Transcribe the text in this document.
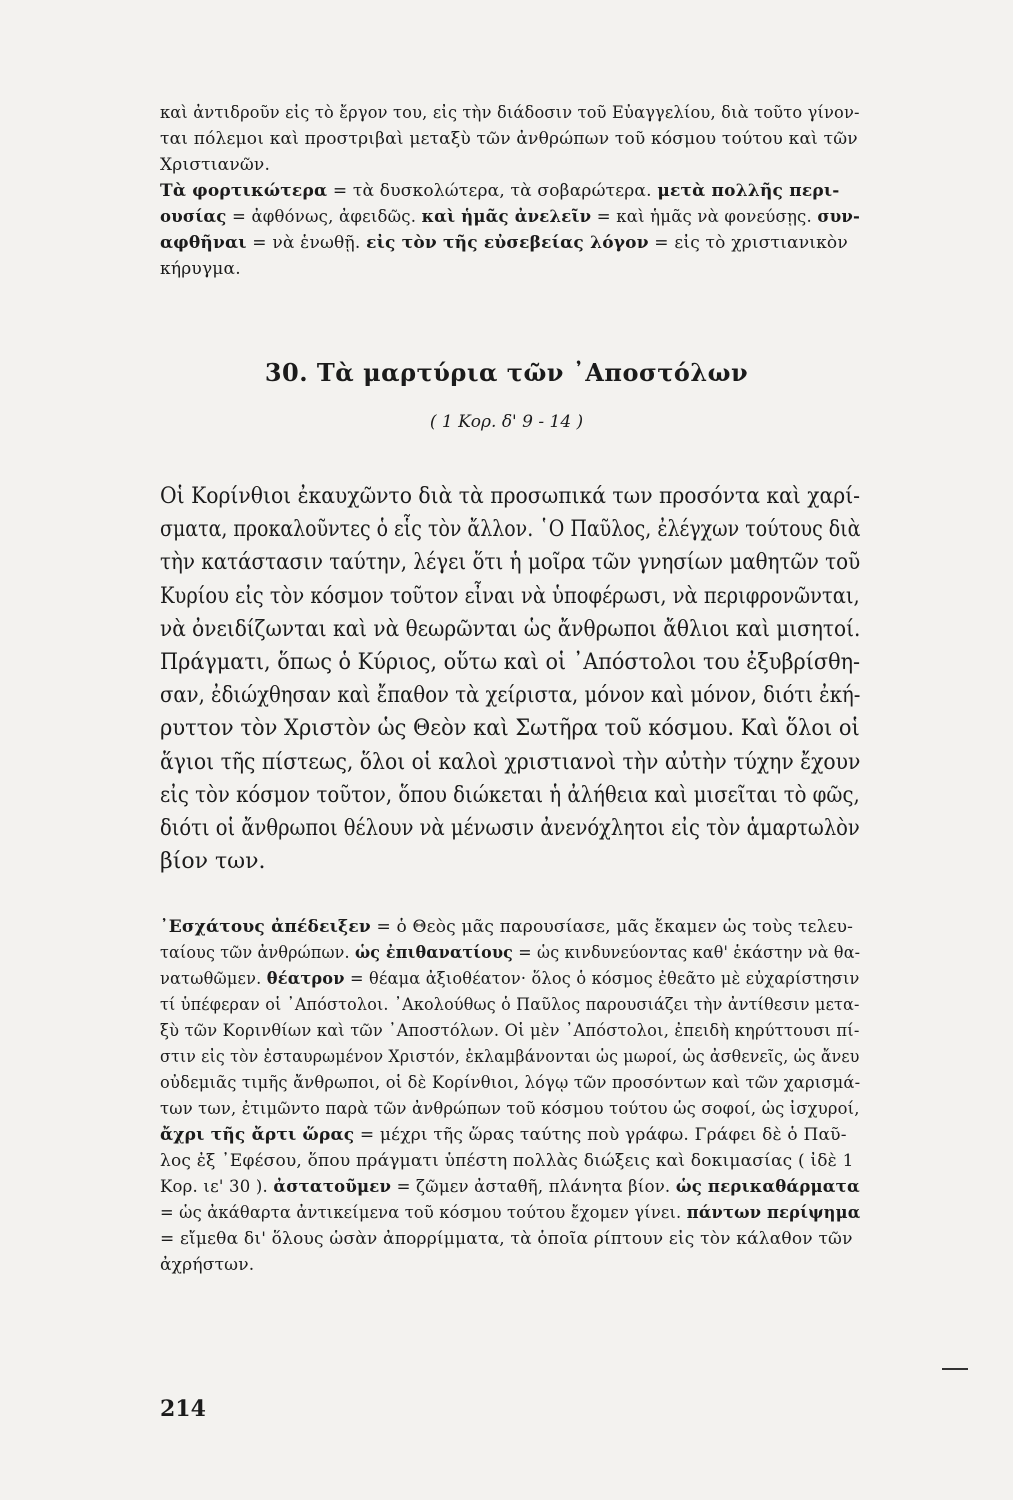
καὶ ἀντιδροῦν εἰς τὸ ἔργον του, εἰς τὴν διάδοσιν τοῦ Εὐαγγελίου, διὰ τοῦτο γίνον-
ται πόλεμοι καὶ προστριβαὶ μεταξὺ τῶν ἀνθρώπων τοῦ κόσμου τούτου καὶ τῶν
Χριστιανῶν.
Τὰ φορτικώτερα = τὰ δυσκολώτερα, τὰ σοβαρώτερα. μετὰ πολλῆς περι-
ουσίας = ἀφθόνως, ἀφειδῶς. καὶ ἡμᾶς ἀνελεῖν = καὶ ἡμᾶς νὰ φονεύσῃς. συν-
αφθῆναι = νὰ ἑνωθῇ. εἰς τὸν τῆς εὐσεβείας λόγον = εἰς τὸ χριστιανικὸν
κήρυγμα.
30. Τὰ μαρτύρια τῶν ᾿Αποστόλων
( 1 Κορ. δ' 9 - 14 )
Οἱ Κορίνθιοι ἐκαυχῶντο διὰ τὰ προσωπικά των προσόντα καὶ χαρί-
σματα, προκαλοῦντες ὁ εἷς τὸν ἄλλον. ῾Ο Παῦλος, ἐλέγχων τούτους διὰ
τὴν κατάστασιν ταύτην, λέγει ὅτι ἡ μοῖρα τῶν γνησίων μαθητῶν τοῦ
Κυρίου εἰς τὸν κόσμον τοῦτον εἶναι νὰ ὑποφέρωσι, νὰ περιφρονῶνται,
νὰ ὀνειδίζωνται καὶ νὰ θεωρῶνται ὡς ἄνθρωποι ἄθλιοι καὶ μισητοί.
Πράγματι, ὅπως ὁ Κύριος, οὕτω καὶ οἱ ᾿Απόστολοι του ἐξυβρίσθη-
σαν, ἐδιώχθησαν καὶ ἔπαθον τὰ χείριστα, μόνον καὶ μόνον, διότι ἐκή-
ρυττον τὸν Χριστὸν ὡς Θεὸν καὶ Σωτῆρα τοῦ κόσμου. Καὶ ὅλοι οἱ
ἅγιοι τῆς πίστεως, ὅλοι οἱ καλοὶ χριστιανοὶ τὴν αὐτὴν τύχην ἔχουν
εἰς τὸν κόσμον τοῦτον, ὅπου διώκεται ἡ ἀλήθεια καὶ μισεῖται τὸ φῶς,
διότι οἱ ἄνθρωποι θέλουν νὰ μένωσιν ἀνενόχλητοι εἰς τὸν ἁμαρτωλὸν
βίον των.
᾿Εσχάτους ἀπέδειξεν = ὁ Θεὸς μᾶς παρουσίασε, μᾶς ἔκαμεν ὡς τοὺς τελευ-
ταίους τῶν ἀνθρώπων. ὡς ἐπιθανατίους = ὡς κινδυνεύοντας καθ' ἑκάστην νὰ θα-
νατωθῶμεν. θέατρον = θέαμα ἀξιοθέατον· ὅλος ὁ κόσμος ἐθεᾶτο μὲ εὐχαρίστησιν
τί ὑπέφεραν οἱ ᾿Απόστολοι. ᾿Ακολούθως ὁ Παῦλος παρουσιάζει τὴν ἀντίθεσιν μετα-
ξὺ τῶν Κορινθίων καὶ τῶν ᾿Αποστόλων. Οἱ μὲν ᾿Απόστολοι, ἐπειδὴ κηρύττουσι πί-
στιν εἰς τὸν ἐσταυρωμένον Χριστόν, ἐκλαμβάνονται ὡς μωροί, ὡς ἀσθενεῖς, ὡς ἄνευ
οὐδεμιᾶς τιμῆς ἄνθρωποι, οἱ δὲ Κορίνθιοι, λόγῳ τῶν προσόντων καὶ τῶν χαρισμά-
των των, ἐτιμῶντο παρὰ τῶν ἀνθρώπων τοῦ κόσμου τούτου ὡς σοφοί, ὡς ἰσχυροί,
ἄχρι τῆς ἄρτι ὥρας = μέχρι τῆς ὥρας ταύτης ποὺ γράφω. Γράφει δὲ ὁ Παῦ-
λος ἐξ ᾿Εφέσου, ὅπου πράγματι ὑπέστη πολλὰς διώξεις καὶ δοκιμασίας ( ἰδὲ 1
Κορ. ιε' 30 ). ἀστατοῦμεν = ζῶμεν ἀσταθῆ, πλάνητα βίον. ὡς περικαθάρματα
= ὡς ἀκάθαρτα ἀντικείμενα τοῦ κόσμου τούτου ἔχομεν γίνει. πάντων περίψημα
= εἴμεθα δι' ὅλους ὡσὰν ἀπορρίμματα, τὰ ὁποῖα ρίπτουν εἰς τὸν κάλαθον τῶν
ἀχρήστων.
214
